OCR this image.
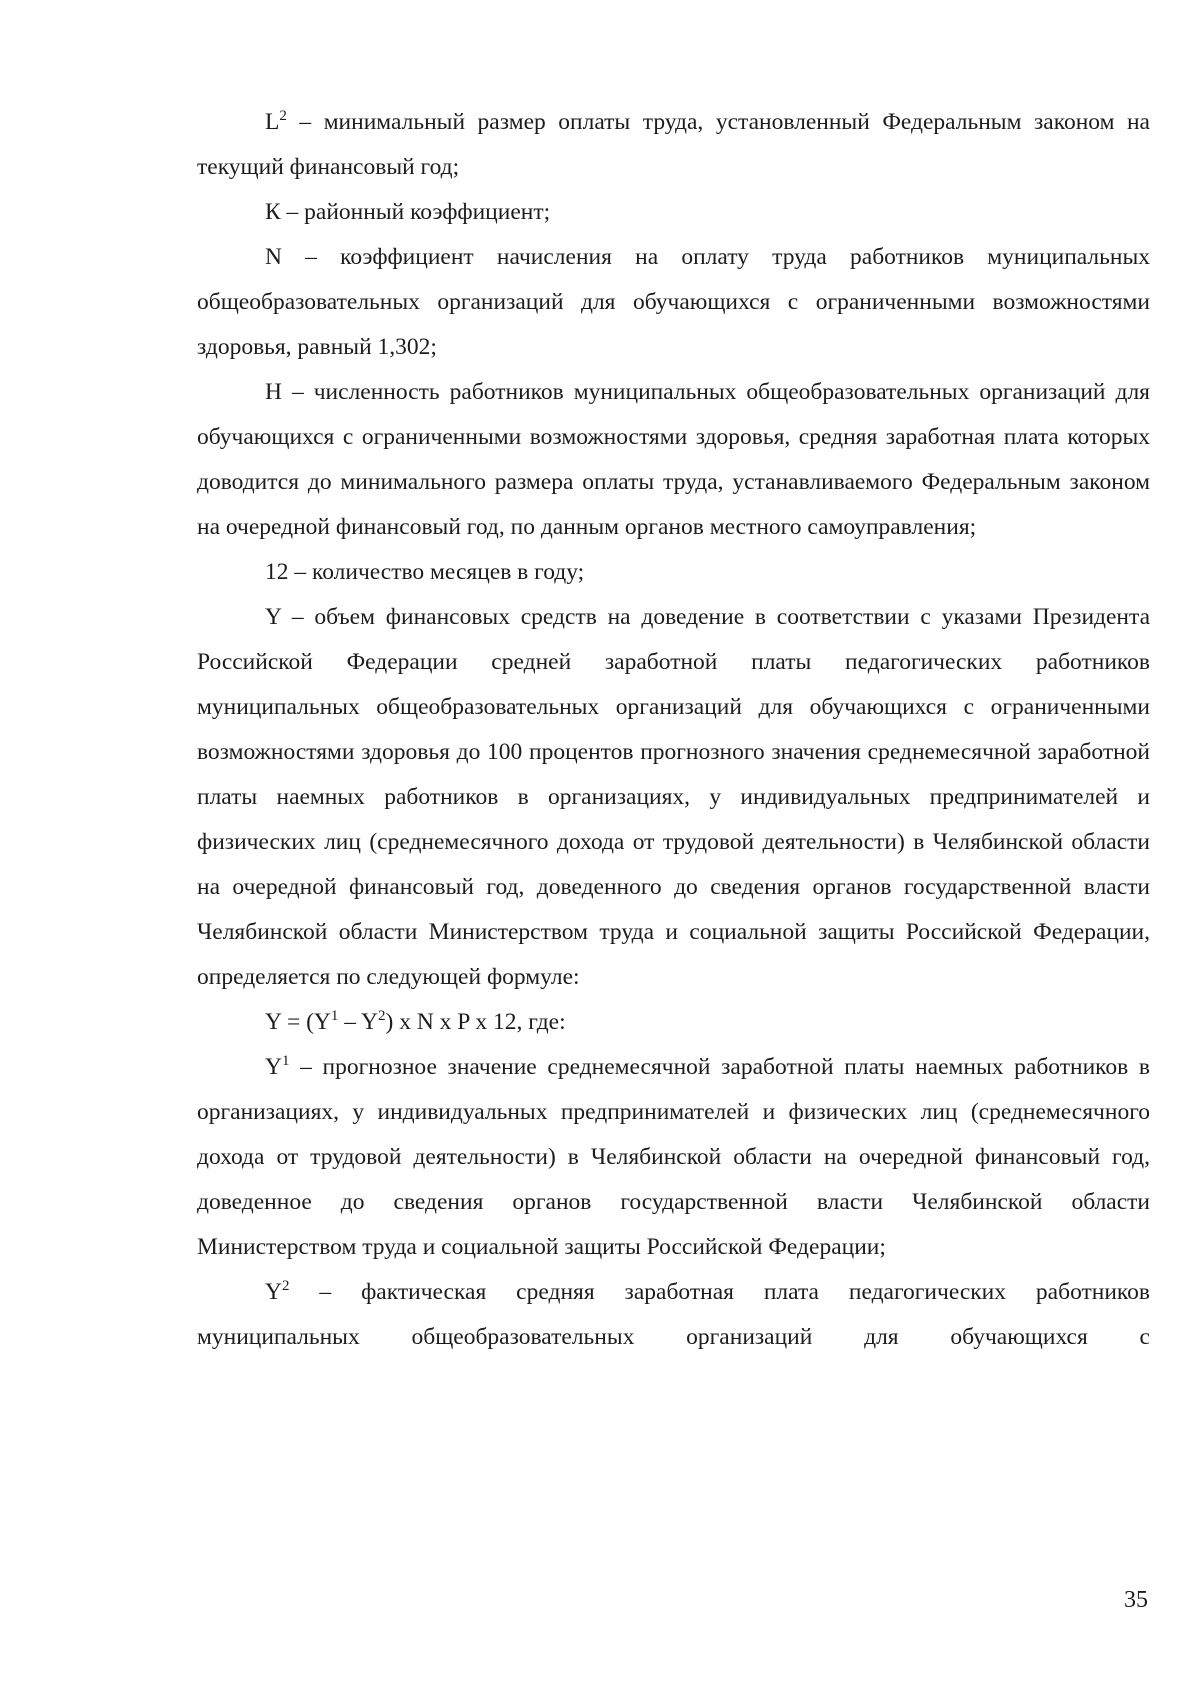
$L^2$ – минимальный размер оплаты труда, установленный Федеральным законом на текущий финансовый год;

К – районный коэффициент;

N – коэффициент начисления на оплату труда работников муниципальных общеобразовательных организаций для обучающихся с ограниченными возможностями здоровья, равный 1,302;

Н – численность работников муниципальных общеобразовательных организаций для обучающихся с ограниченными возможностями здоровья, средняя заработная плата которых доводится до минимального размера оплаты труда, устанавливаемого Федеральным законом на очередной финансовый год, по данным органов местного самоуправления;

12 – количество месяцев в году;

Y – объем финансовых средств на доведение в соответствии с указами Президента Российской Федерации средней заработной платы педагогических работников муниципальных общеобразовательных организаций для обучающихся с ограниченными возможностями здоровья до 100 процентов прогнозного значения среднемесячной заработной платы наемных работников в организациях, у индивидуальных предпринимателей и физических лиц (среднемесячного дохода от трудовой деятельности) в Челябинской области на очередной финансовый год, доведенного до сведения органов государственной власти Челябинской области Министерством труда и социальной защиты Российской Федерации, определяется по следующей формуле:

$Y = (Y^1 - Y^2)$ x N x P x 12, где:

$Y^1$ – прогнозное значение среднемесячной заработной платы наемных работников в организациях, у индивидуальных предпринимателей и физических лиц (среднемесячного дохода от трудовой деятельности) в Челябинской области на очередной финансовый год, доведенное до сведения органов государственной власти Челябинской области Министерством труда и социальной защиты Российской Федерации;

$Y^2$ – фактическая средняя заработная плата педагогических работников муниципальных общеобразовательных организаций для обучающихся с

35
